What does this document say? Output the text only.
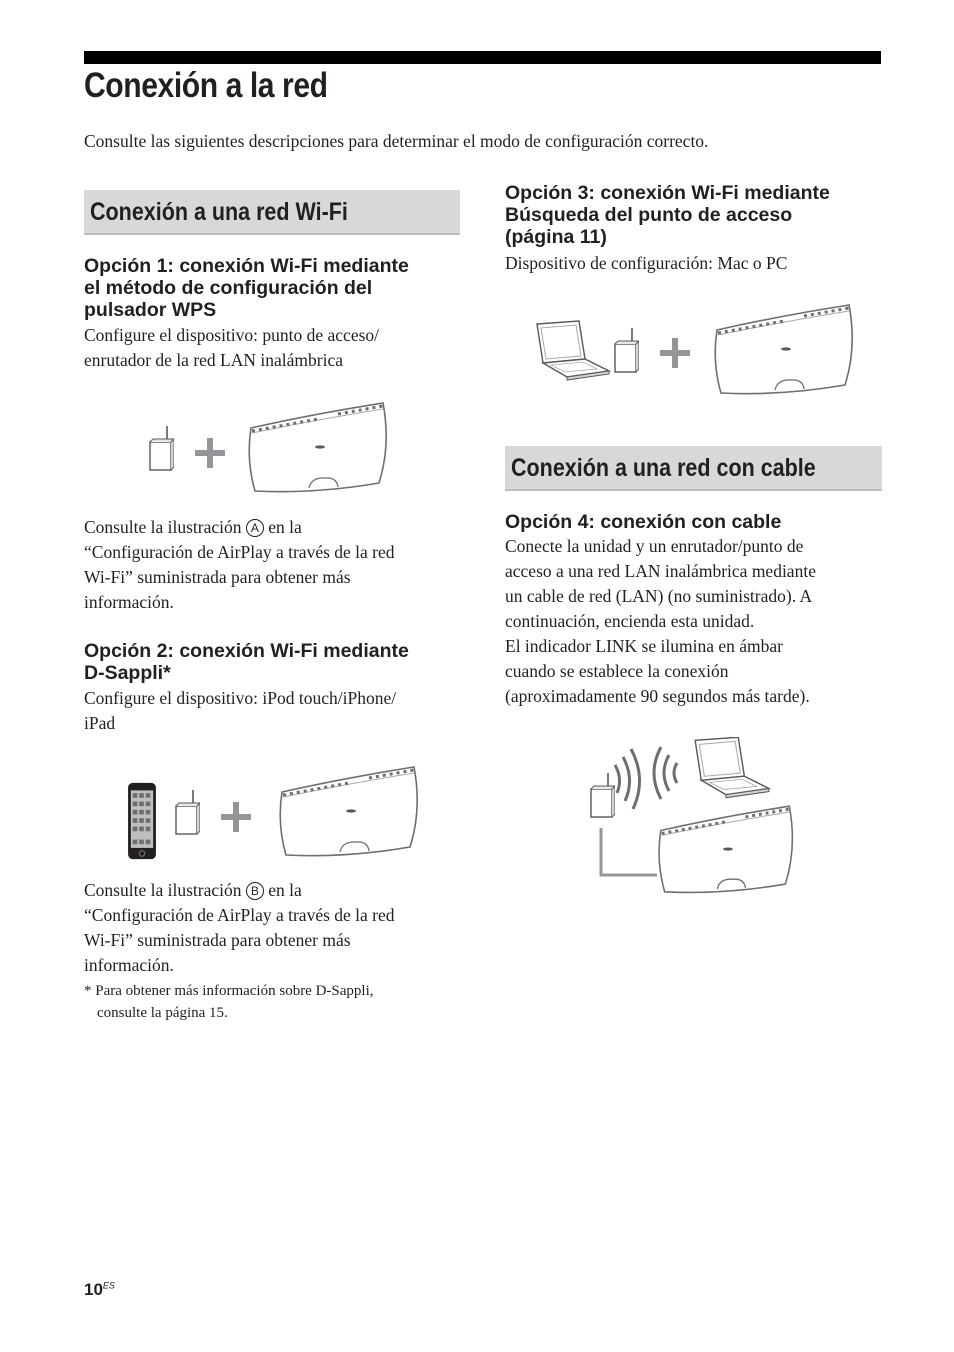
Conexión a la red
Consulte las siguientes descripciones para determinar el modo de configuración correcto.
Conexión a una red Wi-Fi
Opción 1: conexión Wi-Fi mediante
el método de configuración del
pulsador WPS
Configure el dispositivo: punto de acceso/
enrutador de la red LAN inalámbrica
Consulte la ilustración A en la
“Configuración de AirPlay a través de la red
Wi-Fi” suministrada para obtener más
información.
Opción 2: conexión Wi-Fi mediante
D-Sappli*
Configure el dispositivo: iPod touch/iPhone/
iPad
Consulte la ilustración B en la
“Configuración de AirPlay a través de la red
Wi-Fi” suministrada para obtener más
información.
* Para obtener más información sobre D-Sappli,
consulte la página 15.
Opción 3: conexión Wi-Fi mediante
Búsqueda del punto de acceso
(página 11)
Dispositivo de configuración: Mac o PC
Conexión a una red con cable
Opción 4: conexión con cable
Conecte la unidad y un enrutador/punto de
acceso a una red LAN inalámbrica mediante
un cable de red (LAN) (no suministrado). A
continuación, encienda esta unidad.
El indicador LINK se ilumina en ámbar
cuando se establece la conexión
(aproximadamente 90 segundos más tarde).
$10^{ES}$
